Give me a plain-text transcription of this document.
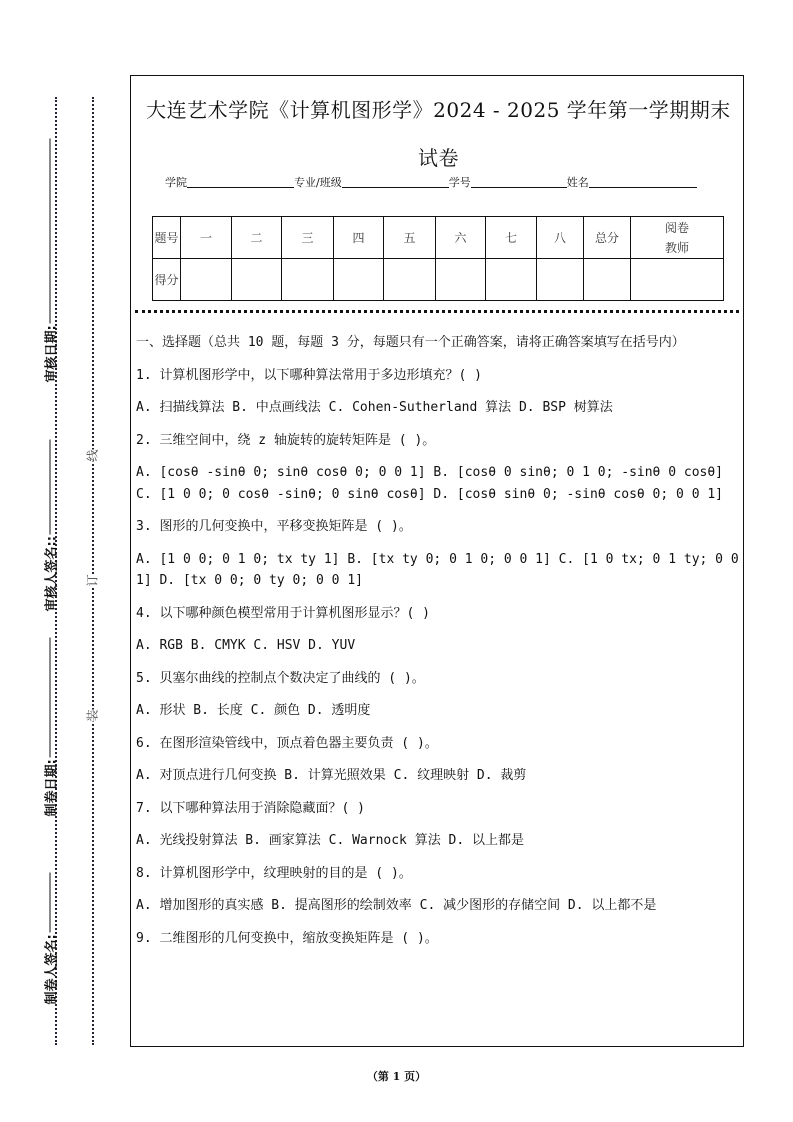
制卷人签名:
制卷日期:
审核人签名::
审核日期:
装
订
线
大连艺术学院《计算机图形学》2024 - 2025 学年第一学期期末试卷
学院	专业/班级	学号	姓名
题号	一	二	三	四	五	六	七	八	总分	阅卷教师
得分										

一、选择题（总共 10 题，每题 3 分，每题只有一个正确答案，请将正确答案填写在括号内）

1. 计算机图形学中，以下哪种算法常用于多边形填充？( )

A. 扫描线算法 B. 中点画线法 C. Cohen-Sutherland 算法 D. BSP 树算法

2. 三维空间中，绕 z 轴旋转的旋转矩阵是 ( )。

A. [cosθ -sinθ 0; sinθ cosθ 0; 0 0 1] B. [cosθ 0 sinθ; 0 1 0; -sinθ 0 cosθ] C. [1 0 0; 0 cosθ -sinθ; 0 sinθ cosθ] D. [cosθ sinθ 0; -sinθ cosθ 0; 0 0 1]

3. 图形的几何变换中，平移变换矩阵是 ( )。

A. [1 0 0; 0 1 0; tx ty 1] B. [tx ty 0; 0 1 0; 0 0 1] C. [1 0 tx; 0 1 ty; 0 0 1] D. [tx 0 0; 0 ty 0; 0 0 1]

4. 以下哪种颜色模型常用于计算机图形显示？( )

A. RGB B. CMYK C. HSV D. YUV

5. 贝塞尔曲线的控制点个数决定了曲线的 ( )。

A. 形状 B. 长度 C. 颜色 D. 透明度

6. 在图形渲染管线中，顶点着色器主要负责 ( )。

A. 对顶点进行几何变换 B. 计算光照效果 C. 纹理映射 D. 裁剪

7. 以下哪种算法用于消除隐藏面？( )

A. 光线投射算法 B. 画家算法 C. Warnock 算法 D. 以上都是

8. 计算机图形学中，纹理映射的目的是 ( )。

A. 增加图形的真实感 B. 提高图形的绘制效率 C. 减少图形的存储空间 D. 以上都不是

9. 二维图形的几何变换中，缩放变换矩阵是 ( )。

（第 1 页）
